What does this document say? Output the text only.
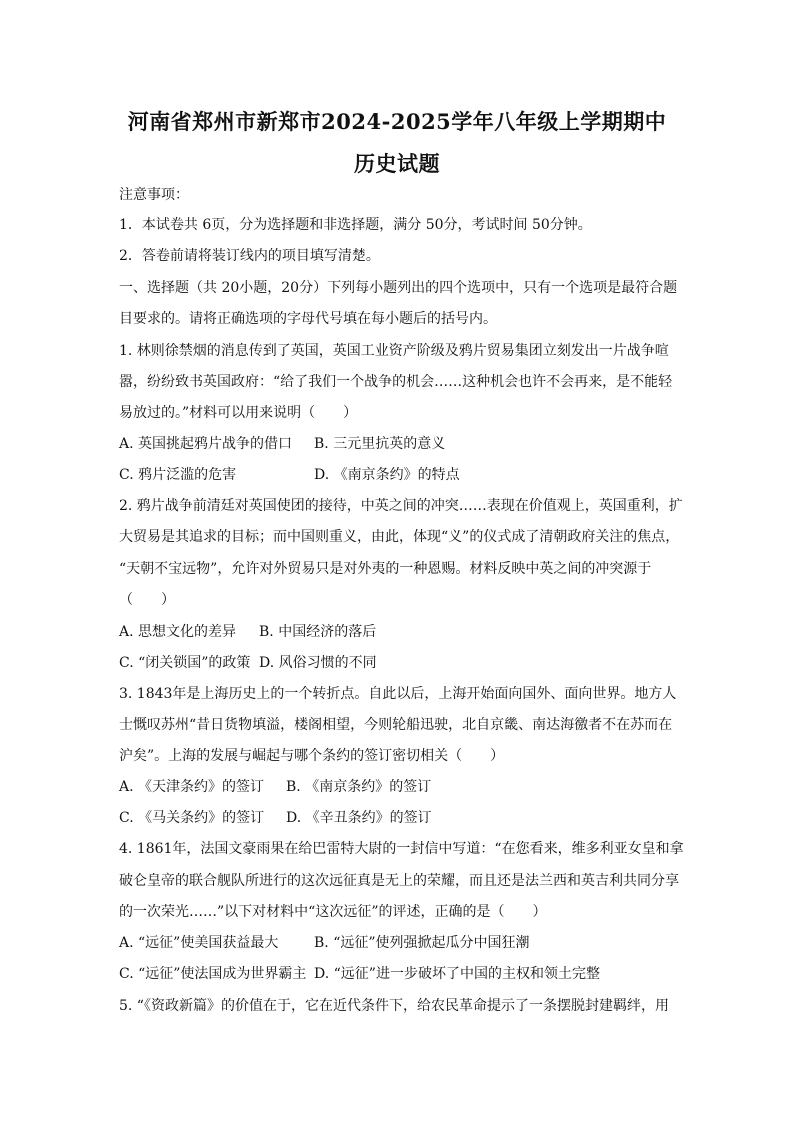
河南省郑州市新郑市2024-2025学年八年级上学期期中
历史试题
注意事项：
1．本试卷共 6页，分为选择题和非选择题，满分 50分，考试时间 50分钟。
2．答卷前请将装订线内的项目填写清楚。
一、选择题（共 20小题，20分）下列每小题列出的四个选项中，只有一个选项是最符合题
目要求的。请将正确选项的字母代号填在每小题后的括号内。
1. 林则徐禁烟的消息传到了英国，英国工业资产阶级及鸦片贸易集团立刻发出一片战争喧
嚣，纷纷致书英国政府：“给了我们一个战争的机会……这种机会也许不会再来，是不能轻
易放过的。”材料可以用来说明（　　）
A. 英国挑起鸦片战争的借口 B. 三元里抗英的意义
C. 鸦片泛滥的危害	D. 《南京条约》的特点
2. 鸦片战争前清廷对英国使团的接待，中英之间的冲突……表现在价值观上，英国重利，扩
大贸易是其追求的目标；而中国则重义，由此，体现“义”的仪式成了清朝政府关注的焦点，
“天朝不宝远物”，允许对外贸易只是对外夷的一种恩赐。材料反映中英之间的冲突源于
（　　）
A. 思想文化的差异 B. 中国经济的落后
C. “闭关锁国”的政策 D. 风俗习惯的不同
3. 1843年是上海历史上的一个转折点。自此以后，上海开始面向国外、面向世界。地方人
士慨叹苏州“昔日货物填溢，楼阁相望，今则轮船迅驶，北自京畿、南达海徼者不在苏而在
沪矣”。上海的发展与崛起与哪个条约的签订密切相关（　　）
A. 《天津条约》的签订 B. 《南京条约》的签订
C. 《马关条约》的签订 D. 《辛丑条约》的签订
4. 1861年，法国文豪雨果在给巴雷特大尉的一封信中写道：“在您看来，维多利亚女皇和拿
破仑皇帝的联合舰队所进行的这次远征真是无上的荣耀，而且还是法兰西和英吉利共同分享
的一次荣光……”以下对材料中“这次远征”的评述，正确的是（　　）
A. “远征”使美国获益最大	B. “远征”使列强掀起瓜分中国狂潮
C. “远征”使法国成为世界霸主 D. “远征”进一步破坏了中国的主权和领土完整
5. “《资政新篇》的价值在于，它在近代条件下，给农民革命提示了一条摆脱封建羁绊，用
